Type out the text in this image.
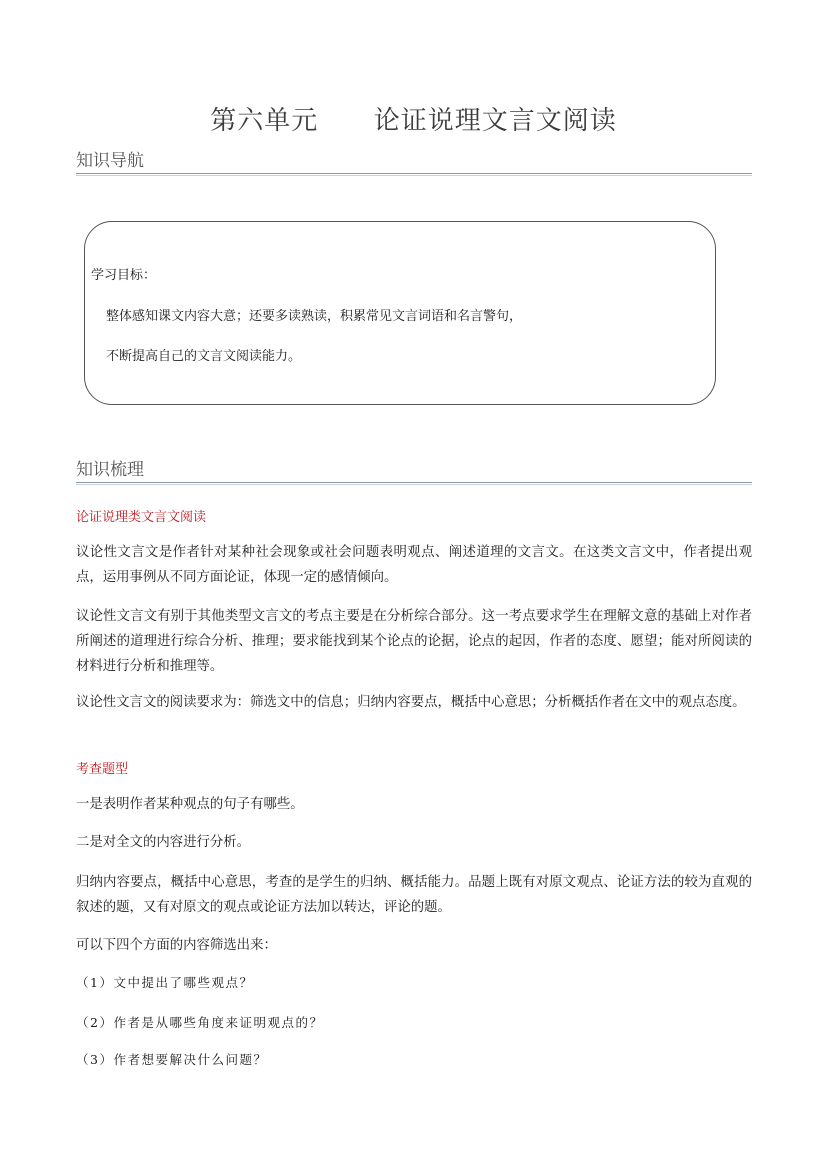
第六单元      论证说理文言文阅读
知识导航
学习目标：
整体感知课文内容大意；还要多读熟读，积累常见文言词语和名言警句，
不断提高自己的文言文阅读能力。
知识梳理
论证说理类文言文阅读
议论性文言文是作者针对某种社会现象或社会问题表明观点、阐述道理的文言文。在这类文言文中，作者提出观点，运用事例从不同方面论证，体现一定的感情倾向。
议论性文言文有别于其他类型文言文的考点主要是在分析综合部分。这一考点要求学生在理解文意的基础上对作者所阐述的道理进行综合分析、推理；要求能找到某个论点的论据，论点的起因，作者的态度、愿望；能对所阅读的材料进行分析和推理等。
议论性文言文的阅读要求为：筛选文中的信息；归纳内容要点，概括中心意思；分析概括作者在文中的观点态度。
考查题型
一是表明作者某种观点的句子有哪些。
二是对全文的内容进行分析。
归纳内容要点，概括中心意思，考查的是学生的归纳、概括能力。品题上既有对原文观点、论证方法的较为直观的叙述的题，又有对原文的观点或论证方法加以转达，评论的题。
可以下四个方面的内容筛选出来：
（1）文中提出了哪些观点？
（2）作者是从哪些角度来证明观点的？
（3）作者想要解决什么问题？
